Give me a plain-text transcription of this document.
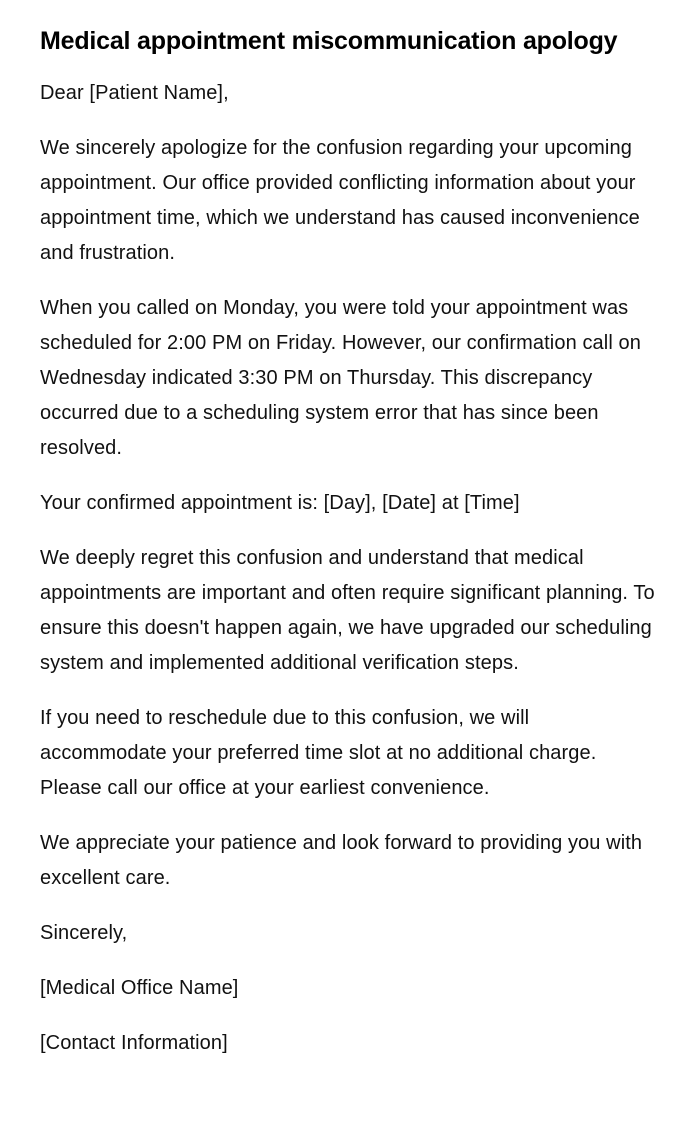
Medical appointment miscommunication apology

Dear [Patient Name],

We sincerely apologize for the confusion regarding your upcoming appointment. Our office provided conflicting information about your appointment time, which we understand has caused inconvenience and frustration.

When you called on Monday, you were told your appointment was scheduled for 2:00 PM on Friday. However, our confirmation call on Wednesday indicated 3:30 PM on Thursday. This discrepancy occurred due to a scheduling system error that has since been resolved.

Your confirmed appointment is: [Day], [Date] at [Time]

We deeply regret this confusion and understand that medical appointments are important and often require significant planning. To ensure this doesn't happen again, we have upgraded our scheduling system and implemented additional verification steps.

If you need to reschedule due to this confusion, we will accommodate your preferred time slot at no additional charge. Please call our office at your earliest convenience.

We appreciate your patience and look forward to providing you with excellent care.

Sincerely,

[Medical Office Name]

[Contact Information]
